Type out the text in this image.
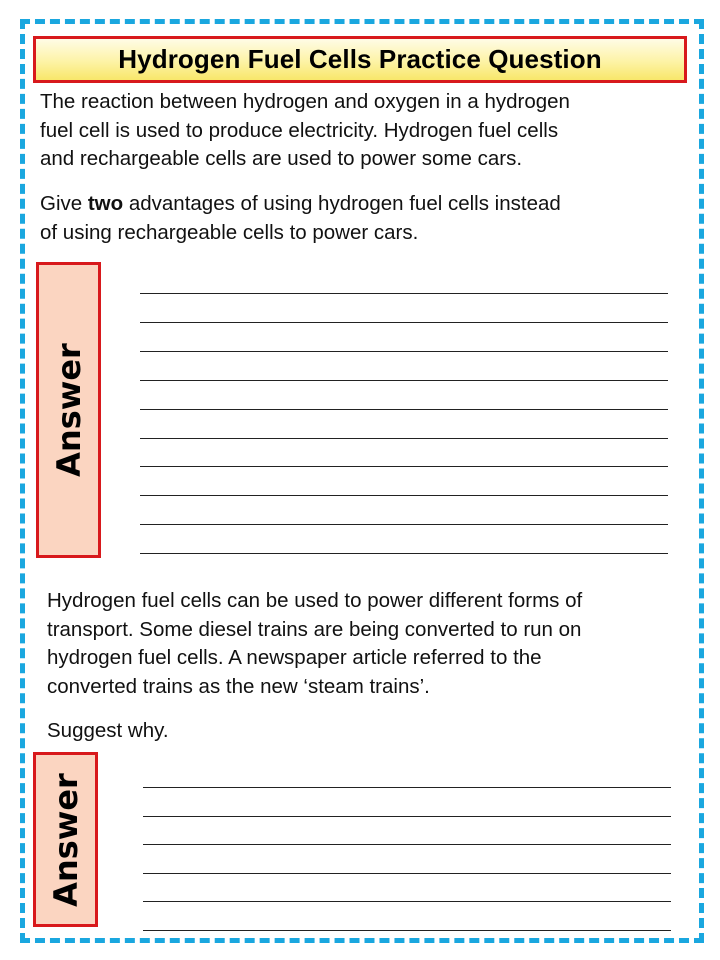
Hydrogen Fuel Cells Practice Question
The reaction between hydrogen and oxygen in a hydrogen
fuel cell is used to produce electricity. Hydrogen fuel cells
and rechargeable cells are used to power some cars.
Give two advantages of using hydrogen fuel cells instead
of using rechargeable cells to power cars.
Answer
Hydrogen fuel cells can be used to power different forms of
transport. Some diesel trains are being converted to run on
hydrogen fuel cells. A newspaper article referred to the
converted trains as the new ‘steam trains’.
Suggest why.
Answer
